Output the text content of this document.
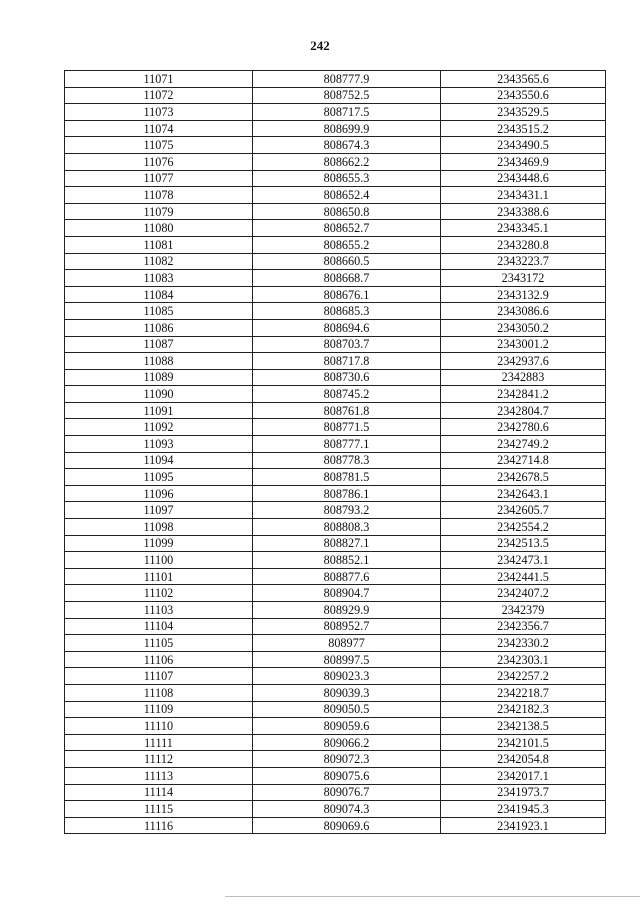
242
11071	808777.9	2343565.6
11072	808752.5	2343550.6
11073	808717.5	2343529.5
11074	808699.9	2343515.2
11075	808674.3	2343490.5
11076	808662.2	2343469.9
11077	808655.3	2343448.6
11078	808652.4	2343431.1
11079	808650.8	2343388.6
11080	808652.7	2343345.1
11081	808655.2	2343280.8
11082	808660.5	2343223.7
11083	808668.7	2343172
11084	808676.1	2343132.9
11085	808685.3	2343086.6
11086	808694.6	2343050.2
11087	808703.7	2343001.2
11088	808717.8	2342937.6
11089	808730.6	2342883
11090	808745.2	2342841.2
11091	808761.8	2342804.7
11092	808771.5	2342780.6
11093	808777.1	2342749.2
11094	808778.3	2342714.8
11095	808781.5	2342678.5
11096	808786.1	2342643.1
11097	808793.2	2342605.7
11098	808808.3	2342554.2
11099	808827.1	2342513.5
11100	808852.1	2342473.1
11101	808877.6	2342441.5
11102	808904.7	2342407.2
11103	808929.9	2342379
11104	808952.7	2342356.7
11105	808977	2342330.2
11106	808997.5	2342303.1
11107	809023.3	2342257.2
11108	809039.3	2342218.7
11109	809050.5	2342182.3
11110	809059.6	2342138.5
11111	809066.2	2342101.5
11112	809072.3	2342054.8
11113	809075.6	2342017.1
11114	809076.7	2341973.7
11115	809074.3	2341945.3
11116	809069.6	2341923.1
